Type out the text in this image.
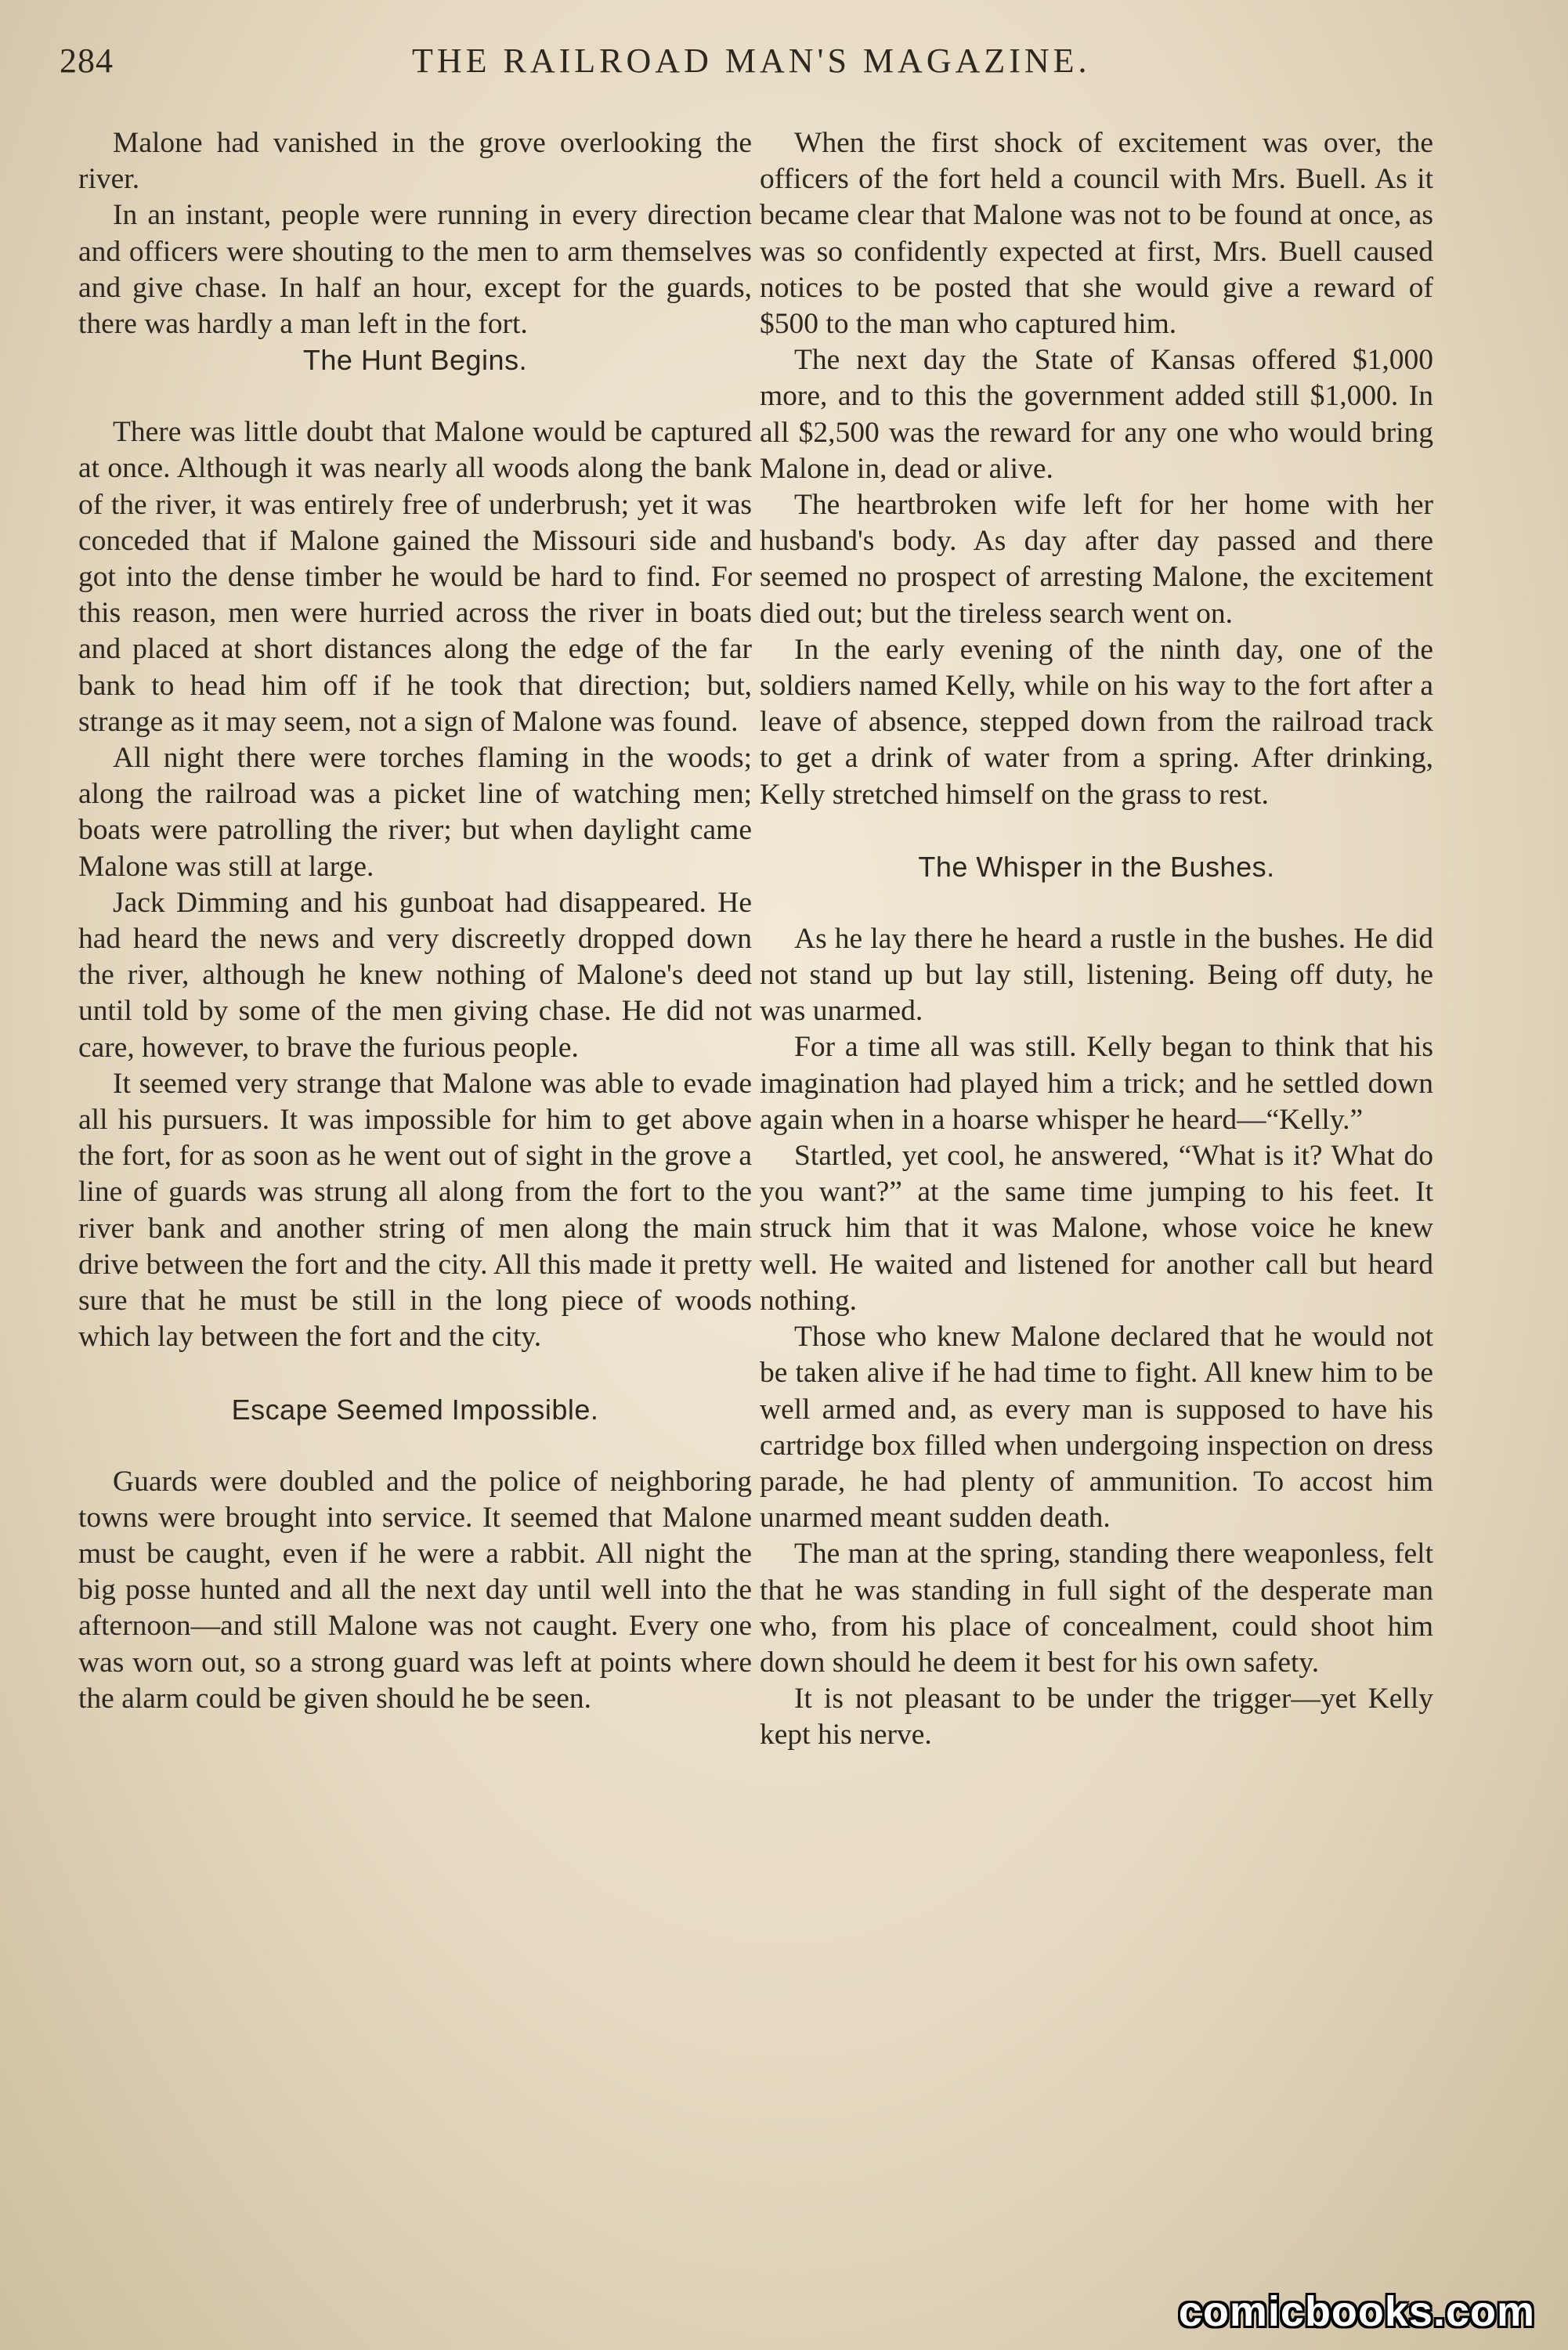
284	THE RAILROAD MAN'S MAGAZINE.

Malone had vanished in the grove overlooking the river.

In an instant, people were running in every direction and officers were shouting to the men to arm themselves and give chase. In half an hour, except for the guards, there was hardly a man left in the fort.

The Hunt Begins.

There was little doubt that Malone would be captured at once. Although it was nearly all woods along the bank of the river, it was entirely free of underbrush; yet it was conceded that if Malone gained the Missouri side and got into the dense timber he would be hard to find. For this reason, men were hurried across the river in boats and placed at short distances along the edge of the far bank to head him off if he took that direction; but, strange as it may seem, not a sign of Malone was found.

All night there were torches flaming in the woods; along the railroad was a picket line of watching men; boats were patrolling the river; but when daylight came Malone was still at large.

Jack Dimming and his gunboat had disappeared. He had heard the news and very discreetly dropped down the river, although he knew nothing of Malone's deed until told by some of the men giving chase. He did not care, however, to brave the furious people.

It seemed very strange that Malone was able to evade all his pursuers. It was impossible for him to get above the fort, for as soon as he went out of sight in the grove a line of guards was strung all along from the fort to the river bank and another string of men along the main drive between the fort and the city. All this made it pretty sure that he must be still in the long piece of woods which lay between the fort and the city.

Escape Seemed Impossible.

Guards were doubled and the police of neighboring towns were brought into service. It seemed that Malone must be caught, even if he were a rabbit. All night the big posse hunted and all the next day until well into the afternoon—and still Malone was not caught. Every one was worn out, so a strong guard was left at points where the alarm could be given should he be seen.

When the first shock of excitement was over, the officers of the fort held a council with Mrs. Buell. As it became clear that Malone was not to be found at once, as was so confidently expected at first, Mrs. Buell caused notices to be posted that she would give a reward of $500 to the man who captured him.

The next day the State of Kansas offered $1,000 more, and to this the government added still $1,000. In all $2,500 was the reward for any one who would bring Malone in, dead or alive.

The heartbroken wife left for her home with her husband's body. As day after day passed and there seemed no prospect of arresting Malone, the excitement died out; but the tireless search went on.

In the early evening of the ninth day, one of the soldiers named Kelly, while on his way to the fort after a leave of absence, stepped down from the railroad track to get a drink of water from a spring. After drinking, Kelly stretched himself on the grass to rest.

The Whisper in the Bushes.

As he lay there he heard a rustle in the bushes. He did not stand up but lay still, listening. Being off duty, he was unarmed.

For a time all was still. Kelly began to think that his imagination had played him a trick; and he settled down again when in a hoarse whisper he heard—“Kelly.”

Startled, yet cool, he answered, “What is it? What do you want?” at the same time jumping to his feet. It struck him that it was Malone, whose voice he knew well. He waited and listened for another call but heard nothing.

Those who knew Malone declared that he would not be taken alive if he had time to fight. All knew him to be well armed and, as every man is supposed to have his cartridge box filled when undergoing inspection on dress parade, he had plenty of ammunition. To accost him unarmed meant sudden death.

The man at the spring, standing there weaponless, felt that he was standing in full sight of the desperate man who, from his place of concealment, could shoot him down should he deem it best for his own safety.

It is not pleasant to be under the trigger—yet Kelly kept his nerve.

comicbooks.com
